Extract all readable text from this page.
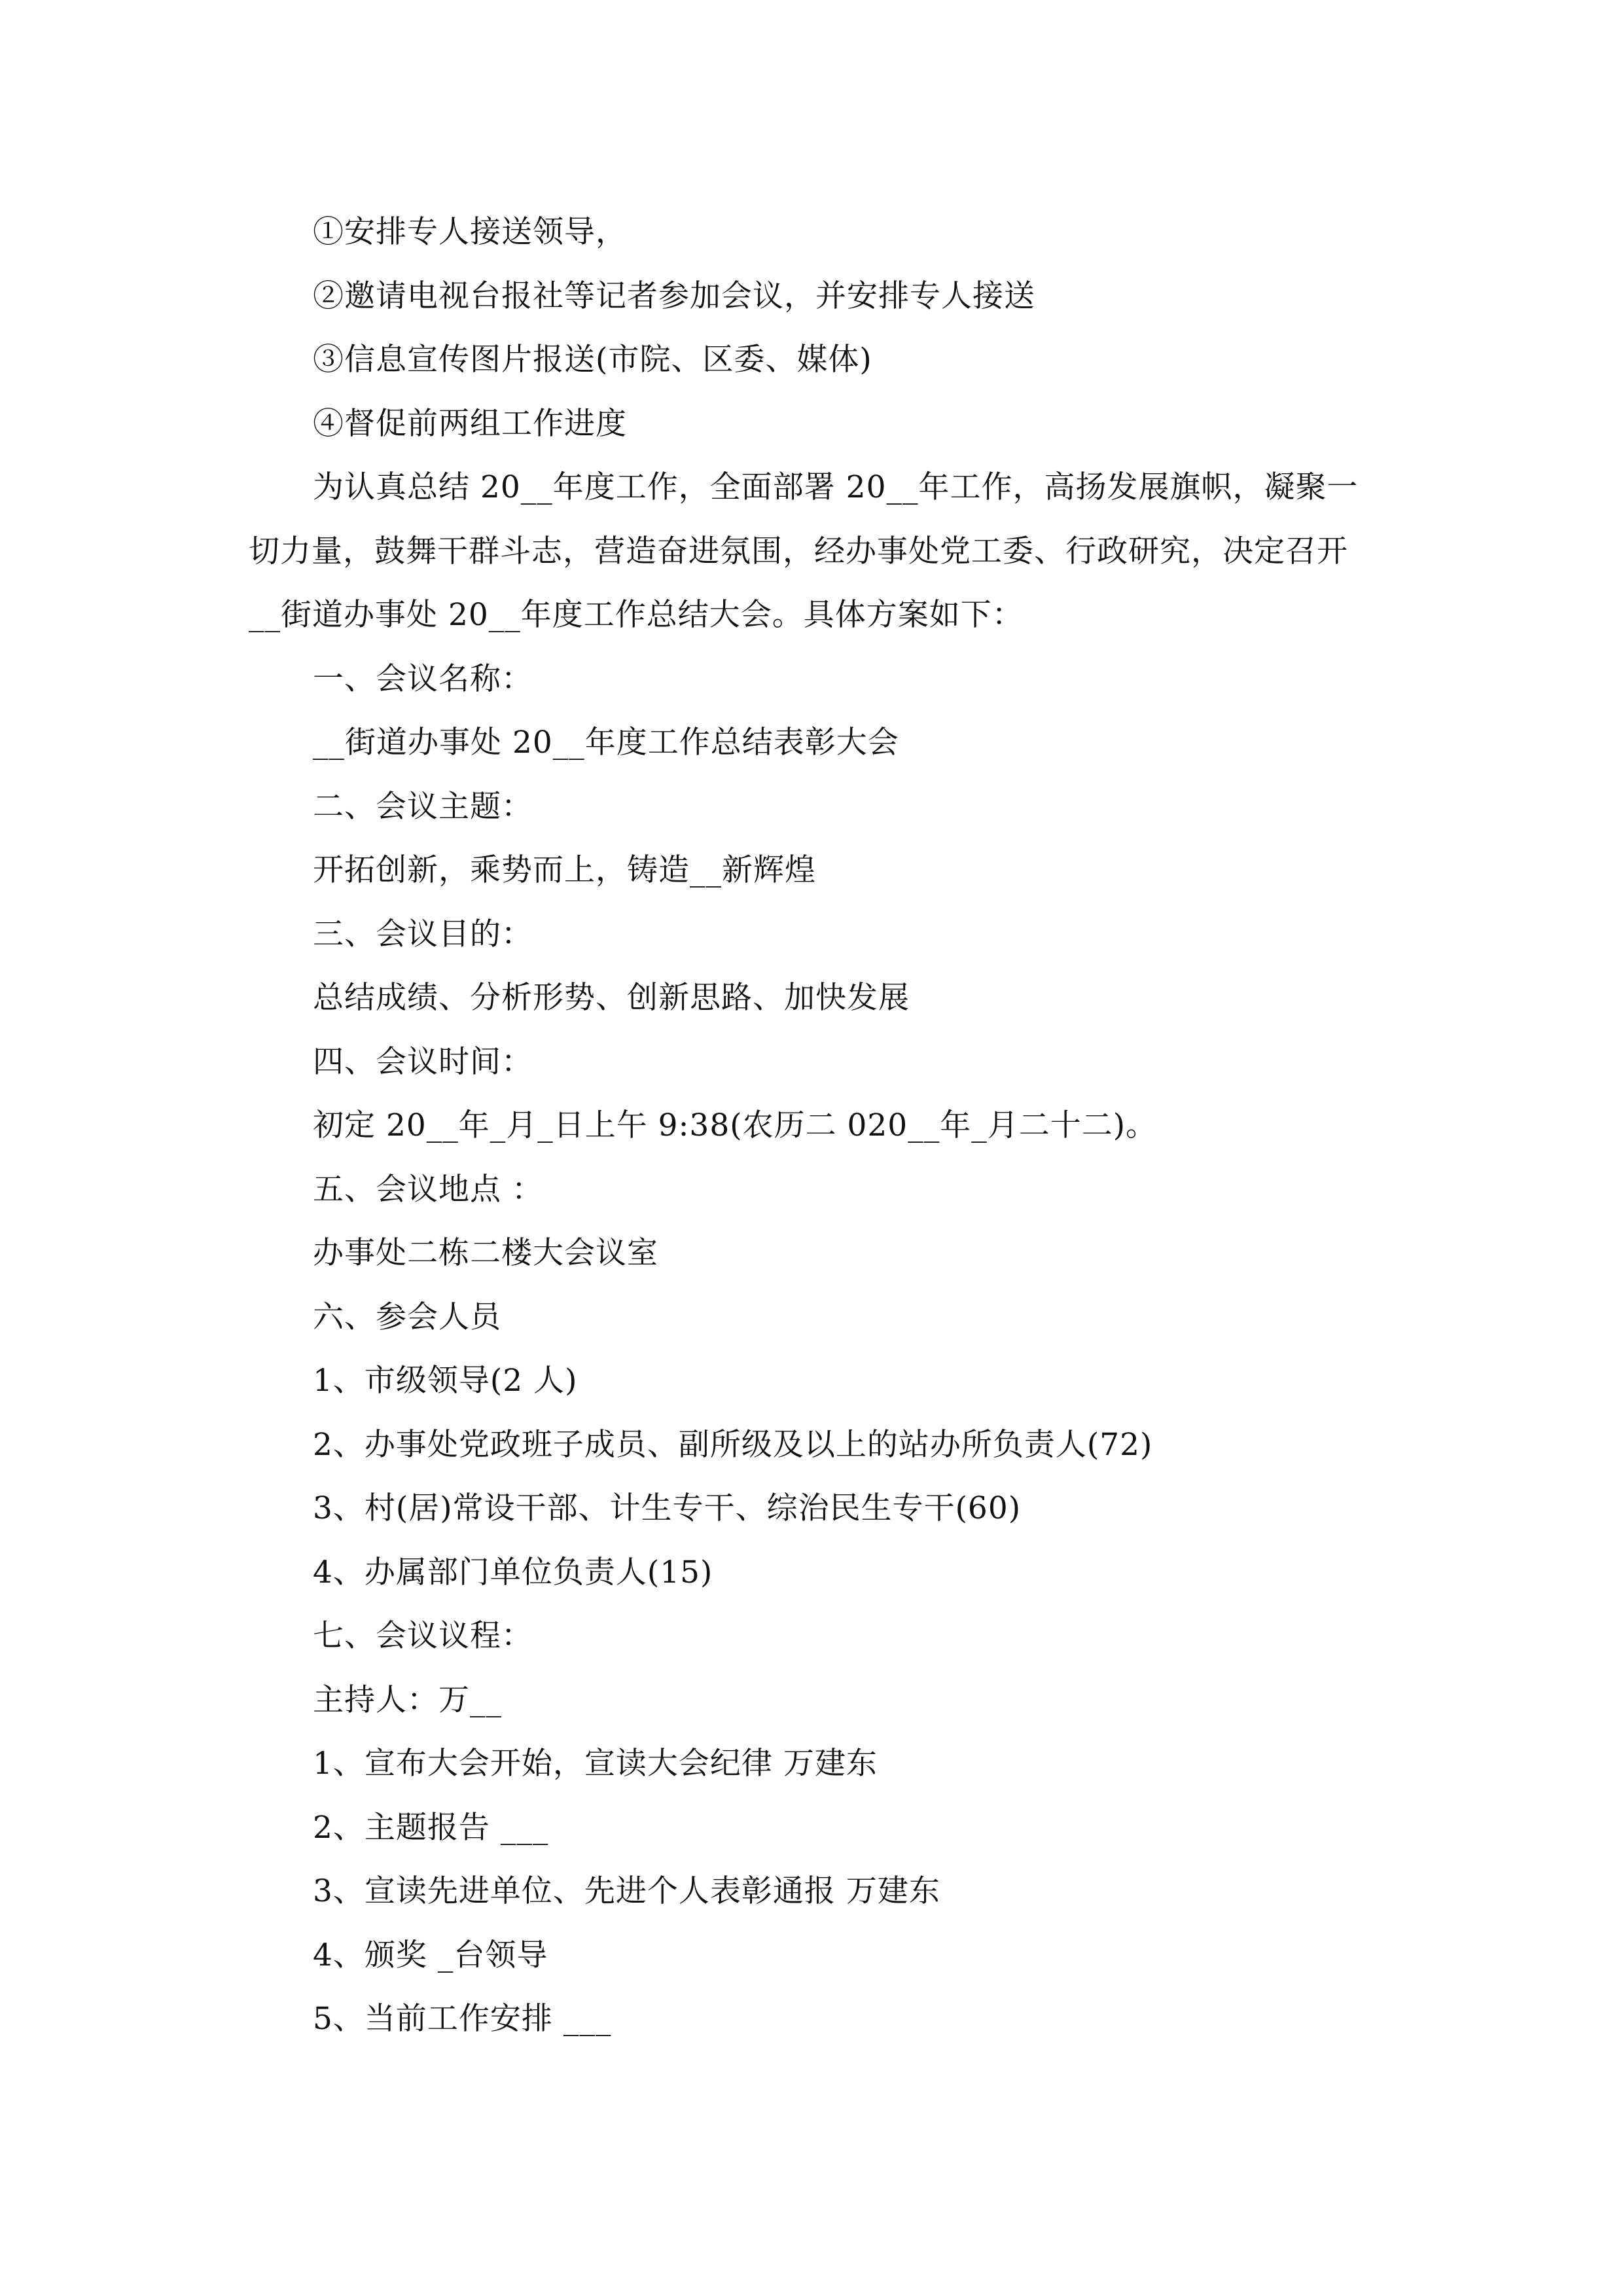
①安排专人接送领导，
②邀请电视台报社等记者参加会议，并安排专人接送
③信息宣传图片报送(市院、区委、媒体)
④督促前两组工作进度
为认真总结 20__年度工作，全面部署 20__年工作，高扬发展旗帜，凝聚一
切力量，鼓舞干群斗志，营造奋进氛围，经办事处党工委、行政研究，决定召开
__街道办事处 20__年度工作总结大会。具体方案如下：
一、会议名称：
__街道办事处 20__年度工作总结表彰大会
二、会议主题：
开拓创新，乘势而上，铸造__新辉煌
三、会议目的：
总结成绩、分析形势、创新思路、加快发展
四、会议时间：
初定 20__年_月_日上午 9:38(农历二 020__年_月二十二)。
五、会议地点 ：
办事处二栋二楼大会议室
六、参会人员
1、市级领导(2 人)
2、办事处党政班子成员、副所级及以上的站办所负责人(72)
3、村(居)常设干部、计生专干、综治民生专干(60)
4、办属部门单位负责人(15)
七、会议议程：
主持人：万__
1、宣布大会开始，宣读大会纪律 万建东
2、主题报告 ___
3、宣读先进单位、先进个人表彰通报 万建东
4、颁奖 _台领导
5、当前工作安排 ___
